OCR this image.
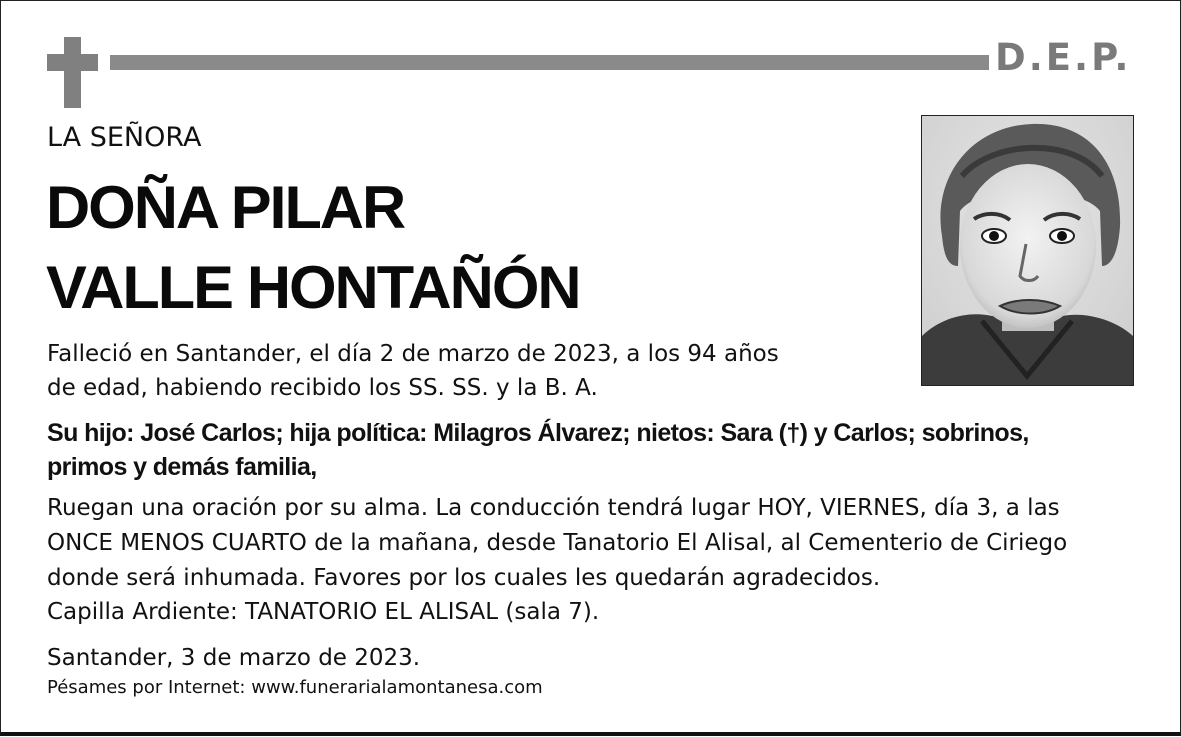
D.E.P.
LA SEÑORA
DOÑA PILAR
VALLE HONTAÑÓN
Falleció en Santander, el día 2 de marzo de 2023, a los 94 años
de edad, habiendo recibido los SS. SS. y la B. A.
Su hijo: José Carlos; hija política: Milagros Álvarez; nietos: Sara (†) y Carlos; sobrinos,
primos y demás familia,
Ruegan una oración por su alma. La conducción tendrá lugar HOY, VIERNES, día 3, a las
ONCE MENOS CUARTO de la mañana, desde Tanatorio El Alisal, al Cementerio de Ciriego
donde será inhumada. Favores por los cuales les quedarán agradecidos.
Capilla Ardiente: TANATORIO EL ALISAL (sala 7).
Santander, 3 de marzo de 2023.
Pésames por Internet: www.funerarialamontanesa.com
